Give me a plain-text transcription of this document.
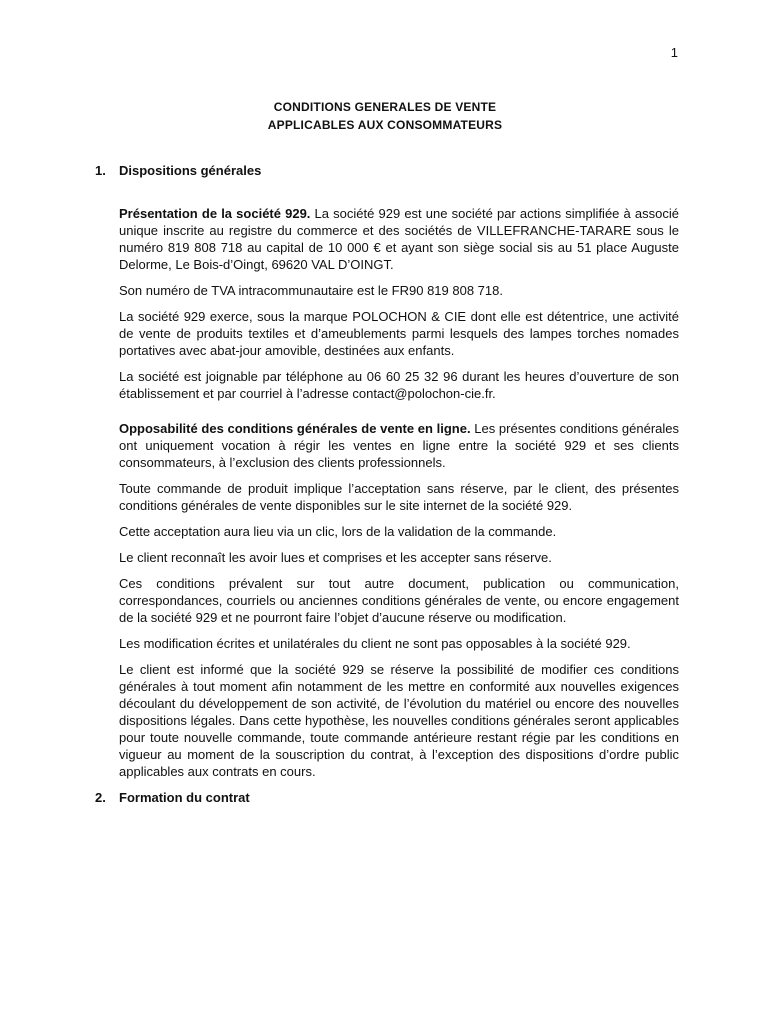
1
CONDITIONS GENERALES DE VENTE
APPLICABLES AUX CONSOMMATEURS
1.	Dispositions générales

Présentation de la société 929. La société 929 est une société par actions simplifiée à associé unique inscrite au registre du commerce et des sociétés de VILLEFRANCHE-TARARE sous le numéro 819 808 718 au capital de 10 000 € et ayant son siège social sis au 51 place Auguste Delorme, Le Bois-d’Oingt, 69620 VAL D’OINGT.

Son numéro de TVA intracommunautaire est le FR90 819 808 718.

La société 929 exerce, sous la marque POLOCHON & CIE dont elle est détentrice, une activité de vente de produits textiles et d’ameublements parmi lesquels des lampes torches nomades portatives avec abat-jour amovible, destinées aux enfants.

La société est joignable par téléphone au 06 60 25 32 96 durant les heures d’ouverture de son établissement et par courriel à l’adresse contact@polochon-cie.fr.

Opposabilité des conditions générales de vente en ligne. Les présentes conditions générales ont uniquement vocation à régir les ventes en ligne entre la société 929 et ses clients consommateurs, à l’exclusion des clients professionnels.

Toute commande de produit implique l’acceptation sans réserve, par le client, des présentes conditions générales de vente disponibles sur le site internet de la société 929.

Cette acceptation aura lieu via un clic, lors de la validation de la commande.

Le client reconnaît les avoir lues et comprises et les accepter sans réserve.

Ces conditions prévalent sur tout autre document, publication ou communication, correspondances, courriels ou anciennes conditions générales de vente, ou encore engagement de la société 929 et ne pourront faire l’objet d’aucune réserve ou modification.

Les modification écrites et unilatérales du client ne sont pas opposables à la société 929.

Le client est informé que la société 929 se réserve la possibilité de modifier ces conditions générales à tout moment afin notamment de les mettre en conformité aux nouvelles exigences découlant du développement de son activité, de l’évolution du matériel ou encore des nouvelles dispositions légales. Dans cette hypothèse, les nouvelles conditions générales seront applicables pour toute nouvelle commande, toute commande antérieure restant régie par les conditions en vigueur au moment de la souscription du contrat, à l’exception des dispositions d’ordre public applicables aux contrats en cours.

2.	Formation du contrat
